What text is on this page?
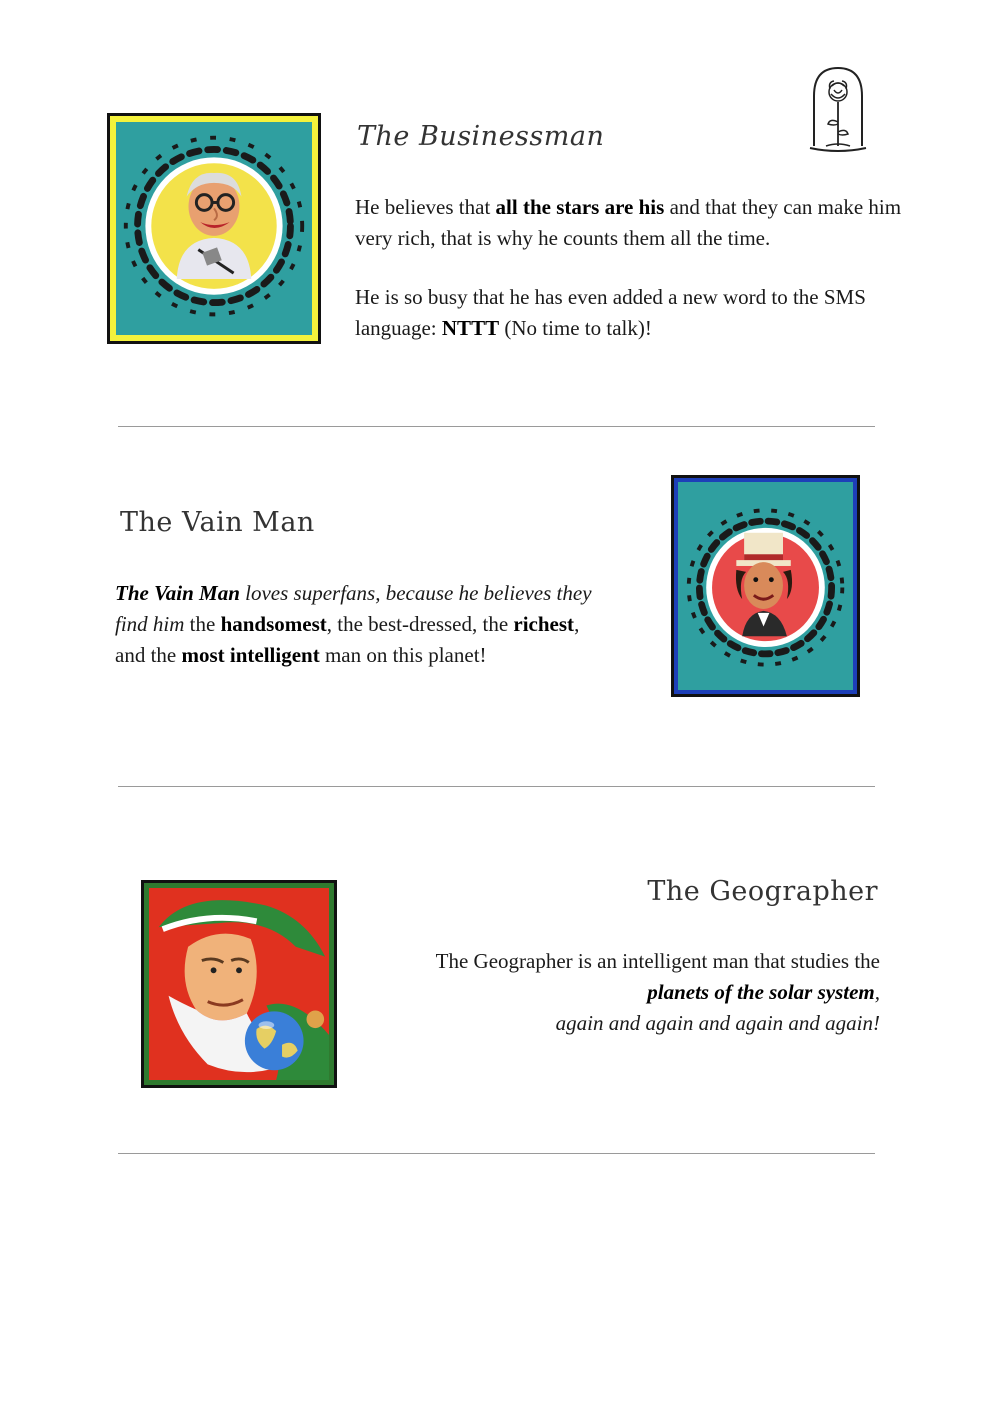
The Businessman

He believes that all the stars are his and that they can make him very rich, that is why he counts them all the time.

He is so busy that he has even added a new word to the SMS language: NTTT (No time to talk)!

The Vain Man

The Vain Man loves superfans, because he believes they find him the handsomest, the best-dressed, the richest, and the most intelligent man on this planet!

The Geographer

The Geographer is an intelligent man that studies the
planets of the solar system,
again and again and again and again!
